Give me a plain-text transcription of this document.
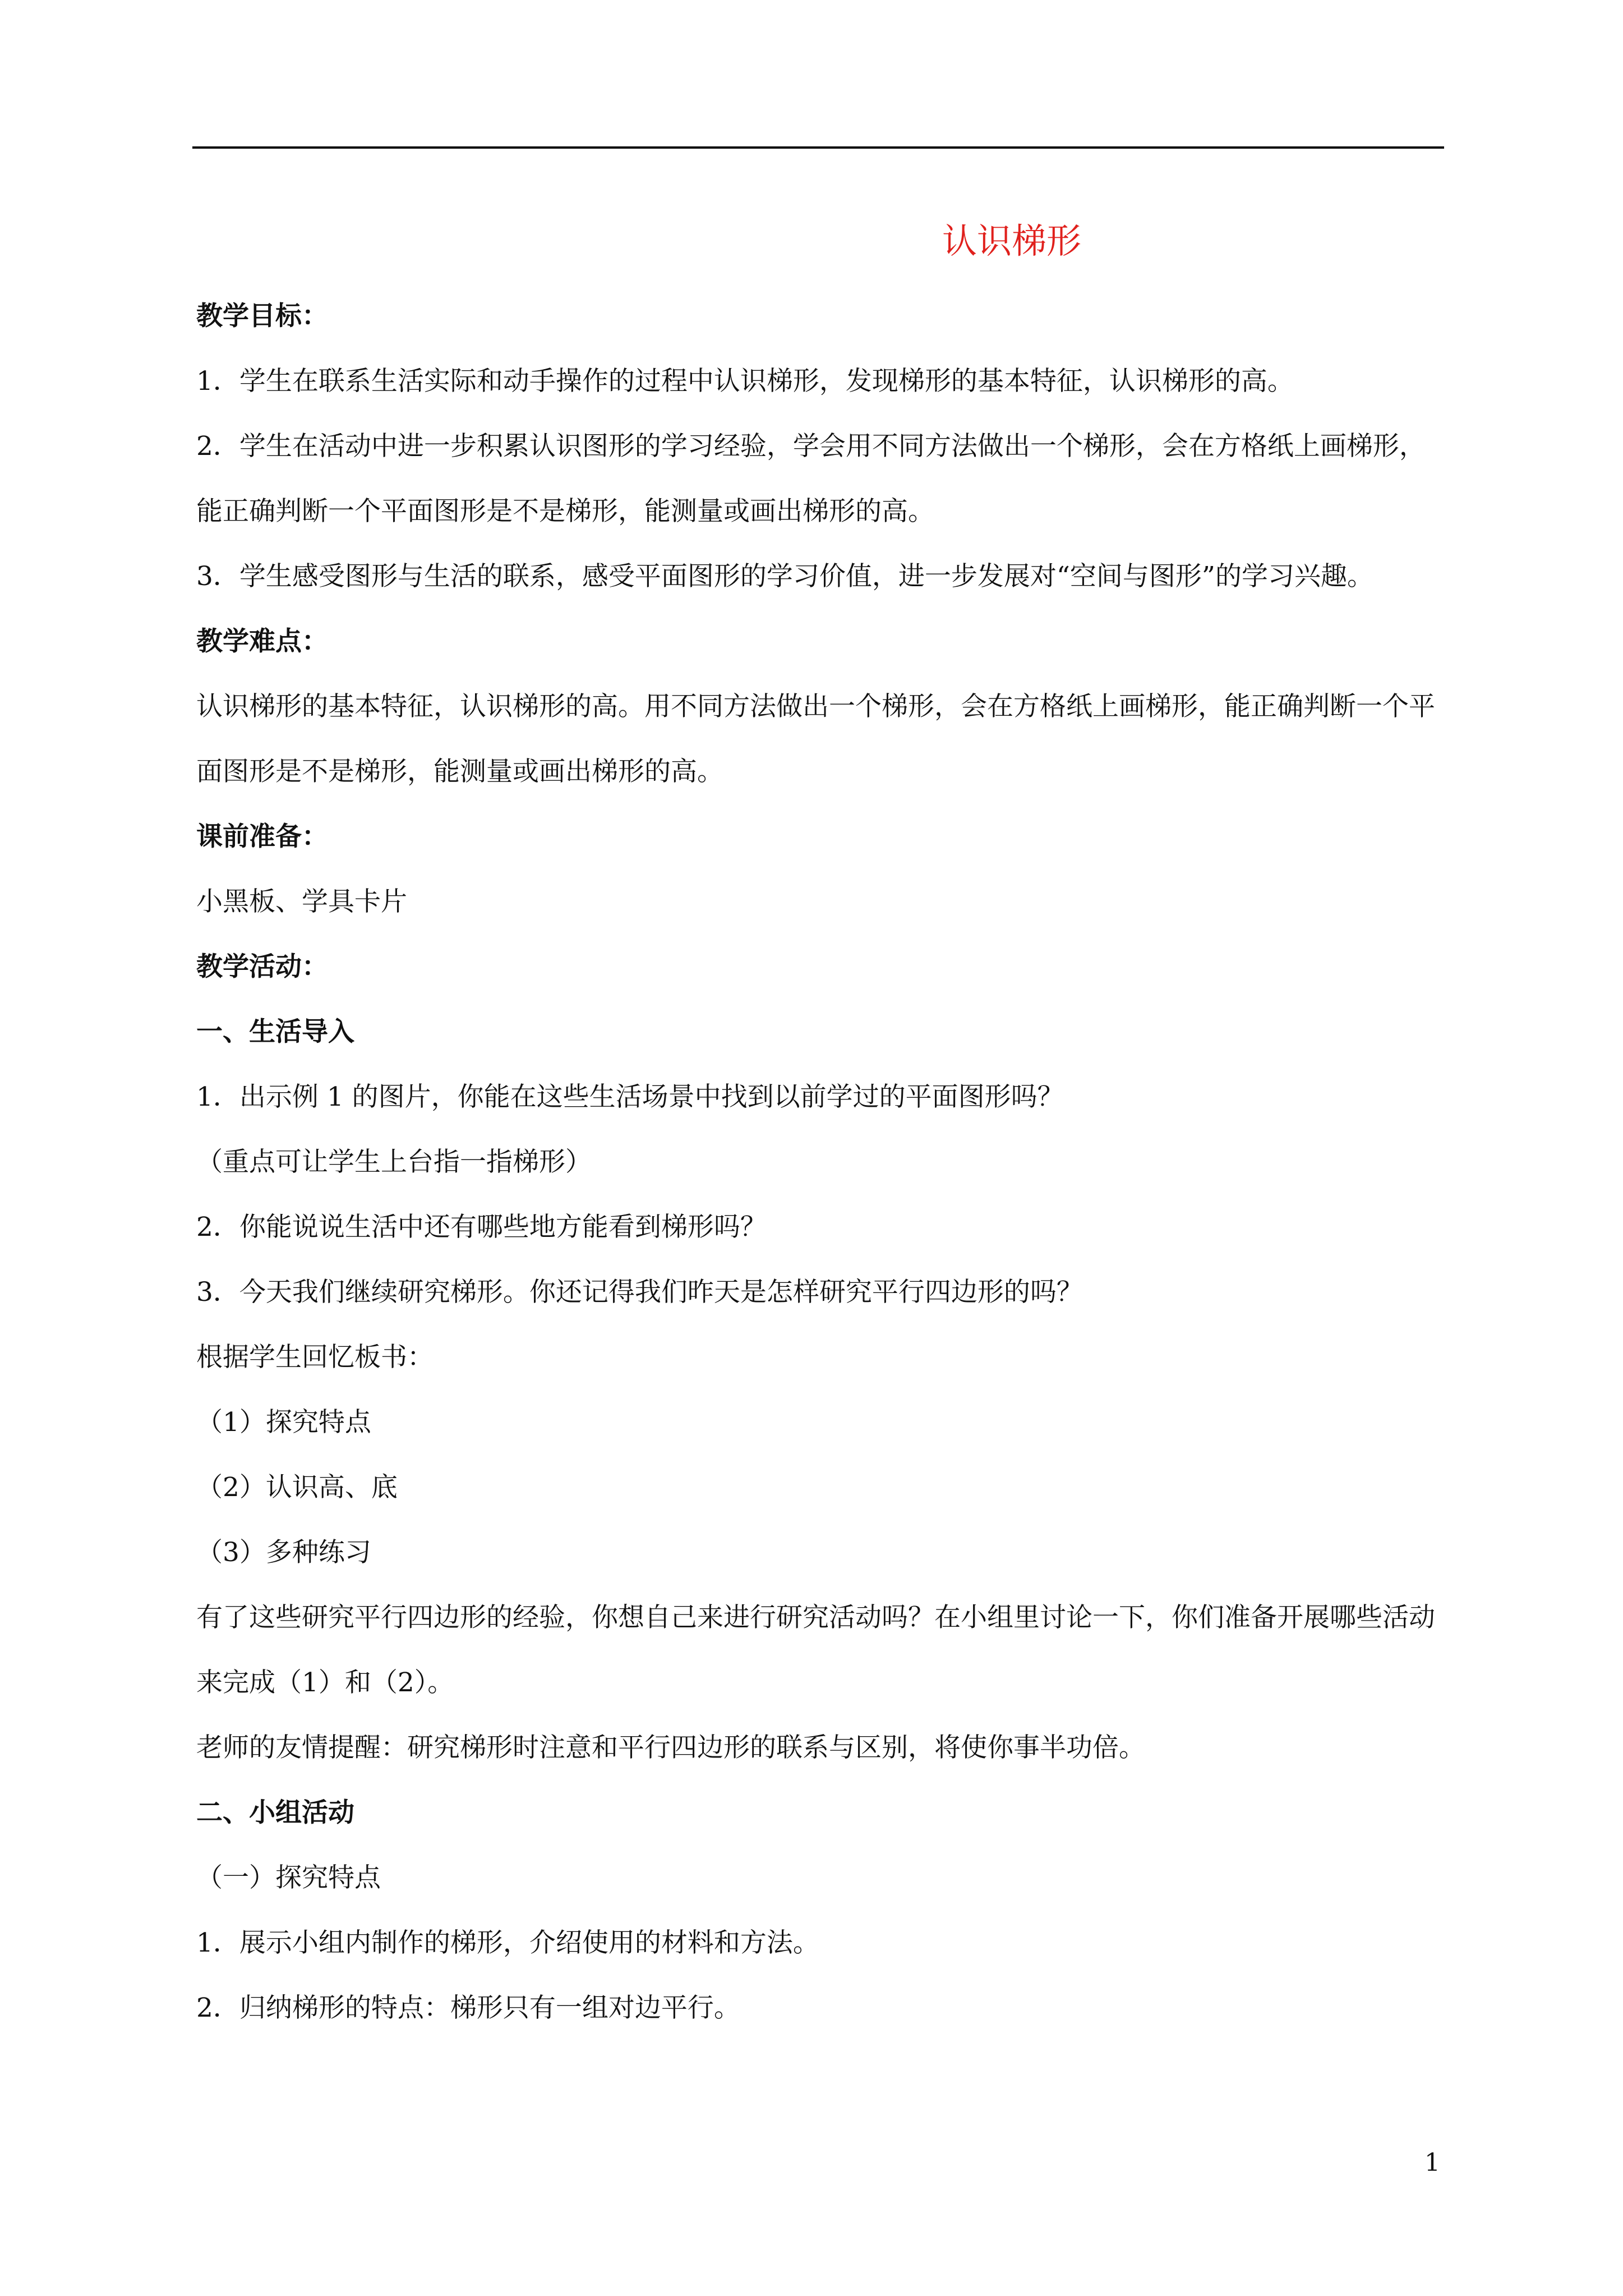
认识梯形

教学目标：

1．学生在联系生活实际和动手操作的过程中认识梯形，发现梯形的基本特征，认识梯形的高。

2．学生在活动中进一步积累认识图形的学习经验，学会用不同方法做出一个梯形，会在方格纸上画梯形，能正确判断一个平面图形是不是梯形，能测量或画出梯形的高。

3．学生感受图形与生活的联系，感受平面图形的学习价值，进一步发展对“空间与图形”的学习兴趣。

教学难点：

认识梯形的基本特征，认识梯形的高。用不同方法做出一个梯形，会在方格纸上画梯形，能正确判断一个平面图形是不是梯形，能测量或画出梯形的高。

课前准备：

小黑板、学具卡片

教学活动：

一、生活导入

1．出示例 1 的图片，你能在这些生活场景中找到以前学过的平面图形吗？

（重点可让学生上台指一指梯形）

2．你能说说生活中还有哪些地方能看到梯形吗？

3．今天我们继续研究梯形。你还记得我们昨天是怎样研究平行四边形的吗？

根据学生回忆板书：

（1）探究特点

（2）认识高、底

（3）多种练习

有了这些研究平行四边形的经验，你想自己来进行研究活动吗？在小组里讨论一下，你们准备开展哪些活动来完成（1）和（2）。

老师的友情提醒：研究梯形时注意和平行四边形的联系与区别，将使你事半功倍。

二、小组活动

（一）探究特点

1．展示小组内制作的梯形，介绍使用的材料和方法。

2．归纳梯形的特点：梯形只有一组对边平行。

1
